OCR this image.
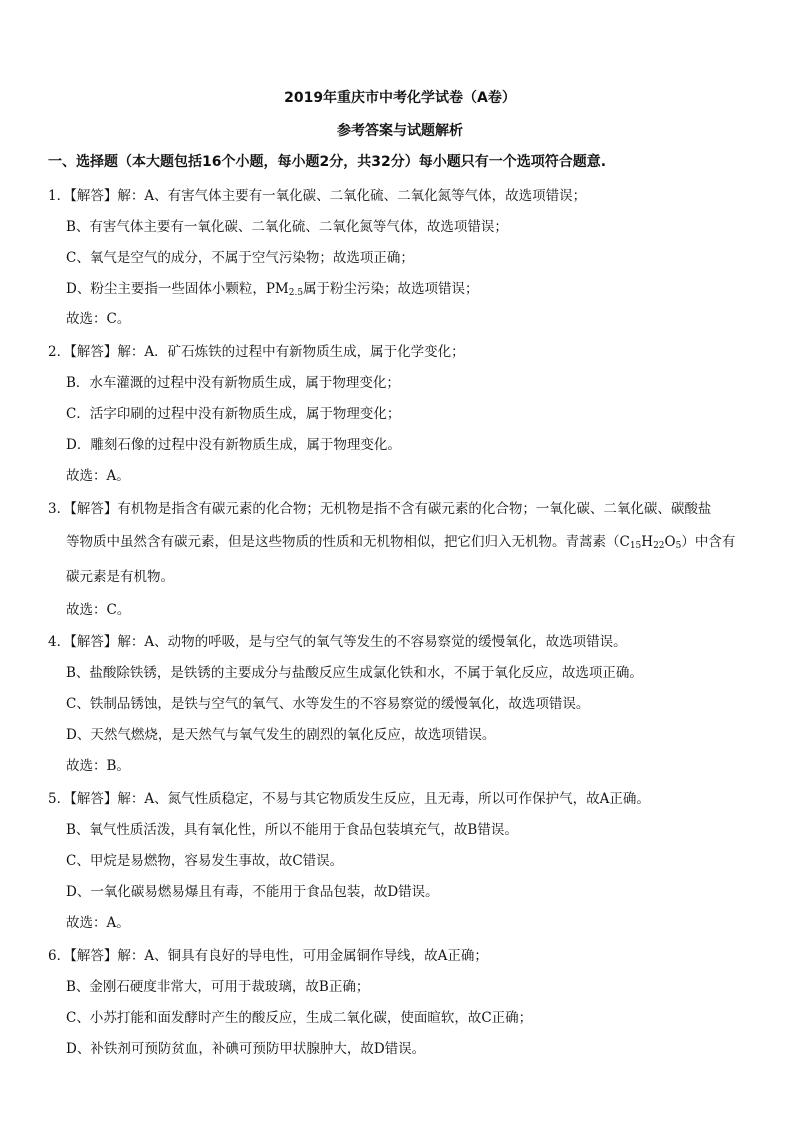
2019年重庆市中考化学试卷（A卷）
参考答案与试题解析
一、选择题（本大题包括16个小题，每小题2分，共32分）每小题只有一个选项符合题意.
1．【解答】解：A、有害气体主要有一氧化碳、二氧化硫、二氧化氮等气体，故选项错误；
B、有害气体主要有一氧化碳、二氧化硫、二氧化氮等气体，故选项错误；
C、氧气是空气的成分，不属于空气污染物；故选项正确；
D、粉尘主要指一些固体小颗粒，$PM_{2.5}$属于粉尘污染；故选项错误；
故选：C。
2．【解答】解：A．矿石炼铁的过程中有新物质生成，属于化学变化；
B．水车灌溉的过程中没有新物质生成，属于物理变化；
C．活字印刷的过程中没有新物质生成，属于物理变化；
D．雕刻石像的过程中没有新物质生成，属于物理变化。
故选：A。
3．【解答】有机物是指含有碳元素的化合物；无机物是指不含有碳元素的化合物；一氧化碳、二氧化碳、碳酸盐
等物质中虽然含有碳元素，但是这些物质的性质和无机物相似，把它们归入无机物。青蒿素$(C_{15}H_{22}O_5)$中含有
碳元素是有机物。
故选：C。
4．【解答】解：A、动物的呼吸，是与空气的氧气等发生的不容易察觉的缓慢氧化，故选项错误。
B、盐酸除铁锈，是铁锈的主要成分与盐酸反应生成氯化铁和水，不属于氧化反应，故选项正确。
C、铁制品锈蚀，是铁与空气的氧气、水等发生的不容易察觉的缓慢氧化，故选项错误。
D、天然气燃烧，是天然气与氧气发生的剧烈的氧化反应，故选项错误。
故选：B。
5．【解答】解：A、氮气性质稳定，不易与其它物质发生反应，且无毒，所以可作保护气，故A正确。
B、氧气性质活泼，具有氧化性，所以不能用于食品包装填充气，故B错误。
C、甲烷是易燃物，容易发生事故，故C错误。
D、一氧化碳易燃易爆且有毒，不能用于食品包装，故D错误。
故选：A。
6．【解答】解：A、铜具有良好的导电性，可用金属铜作导线，故A正确；
B、金刚石硬度非常大，可用于裁玻璃，故B正确；
C、小苏打能和面发酵时产生的酸反应，生成二氧化碳，使面暄软，故C正确；
D、补铁剂可预防贫血，补碘可预防甲状腺肿大，故D错误。
